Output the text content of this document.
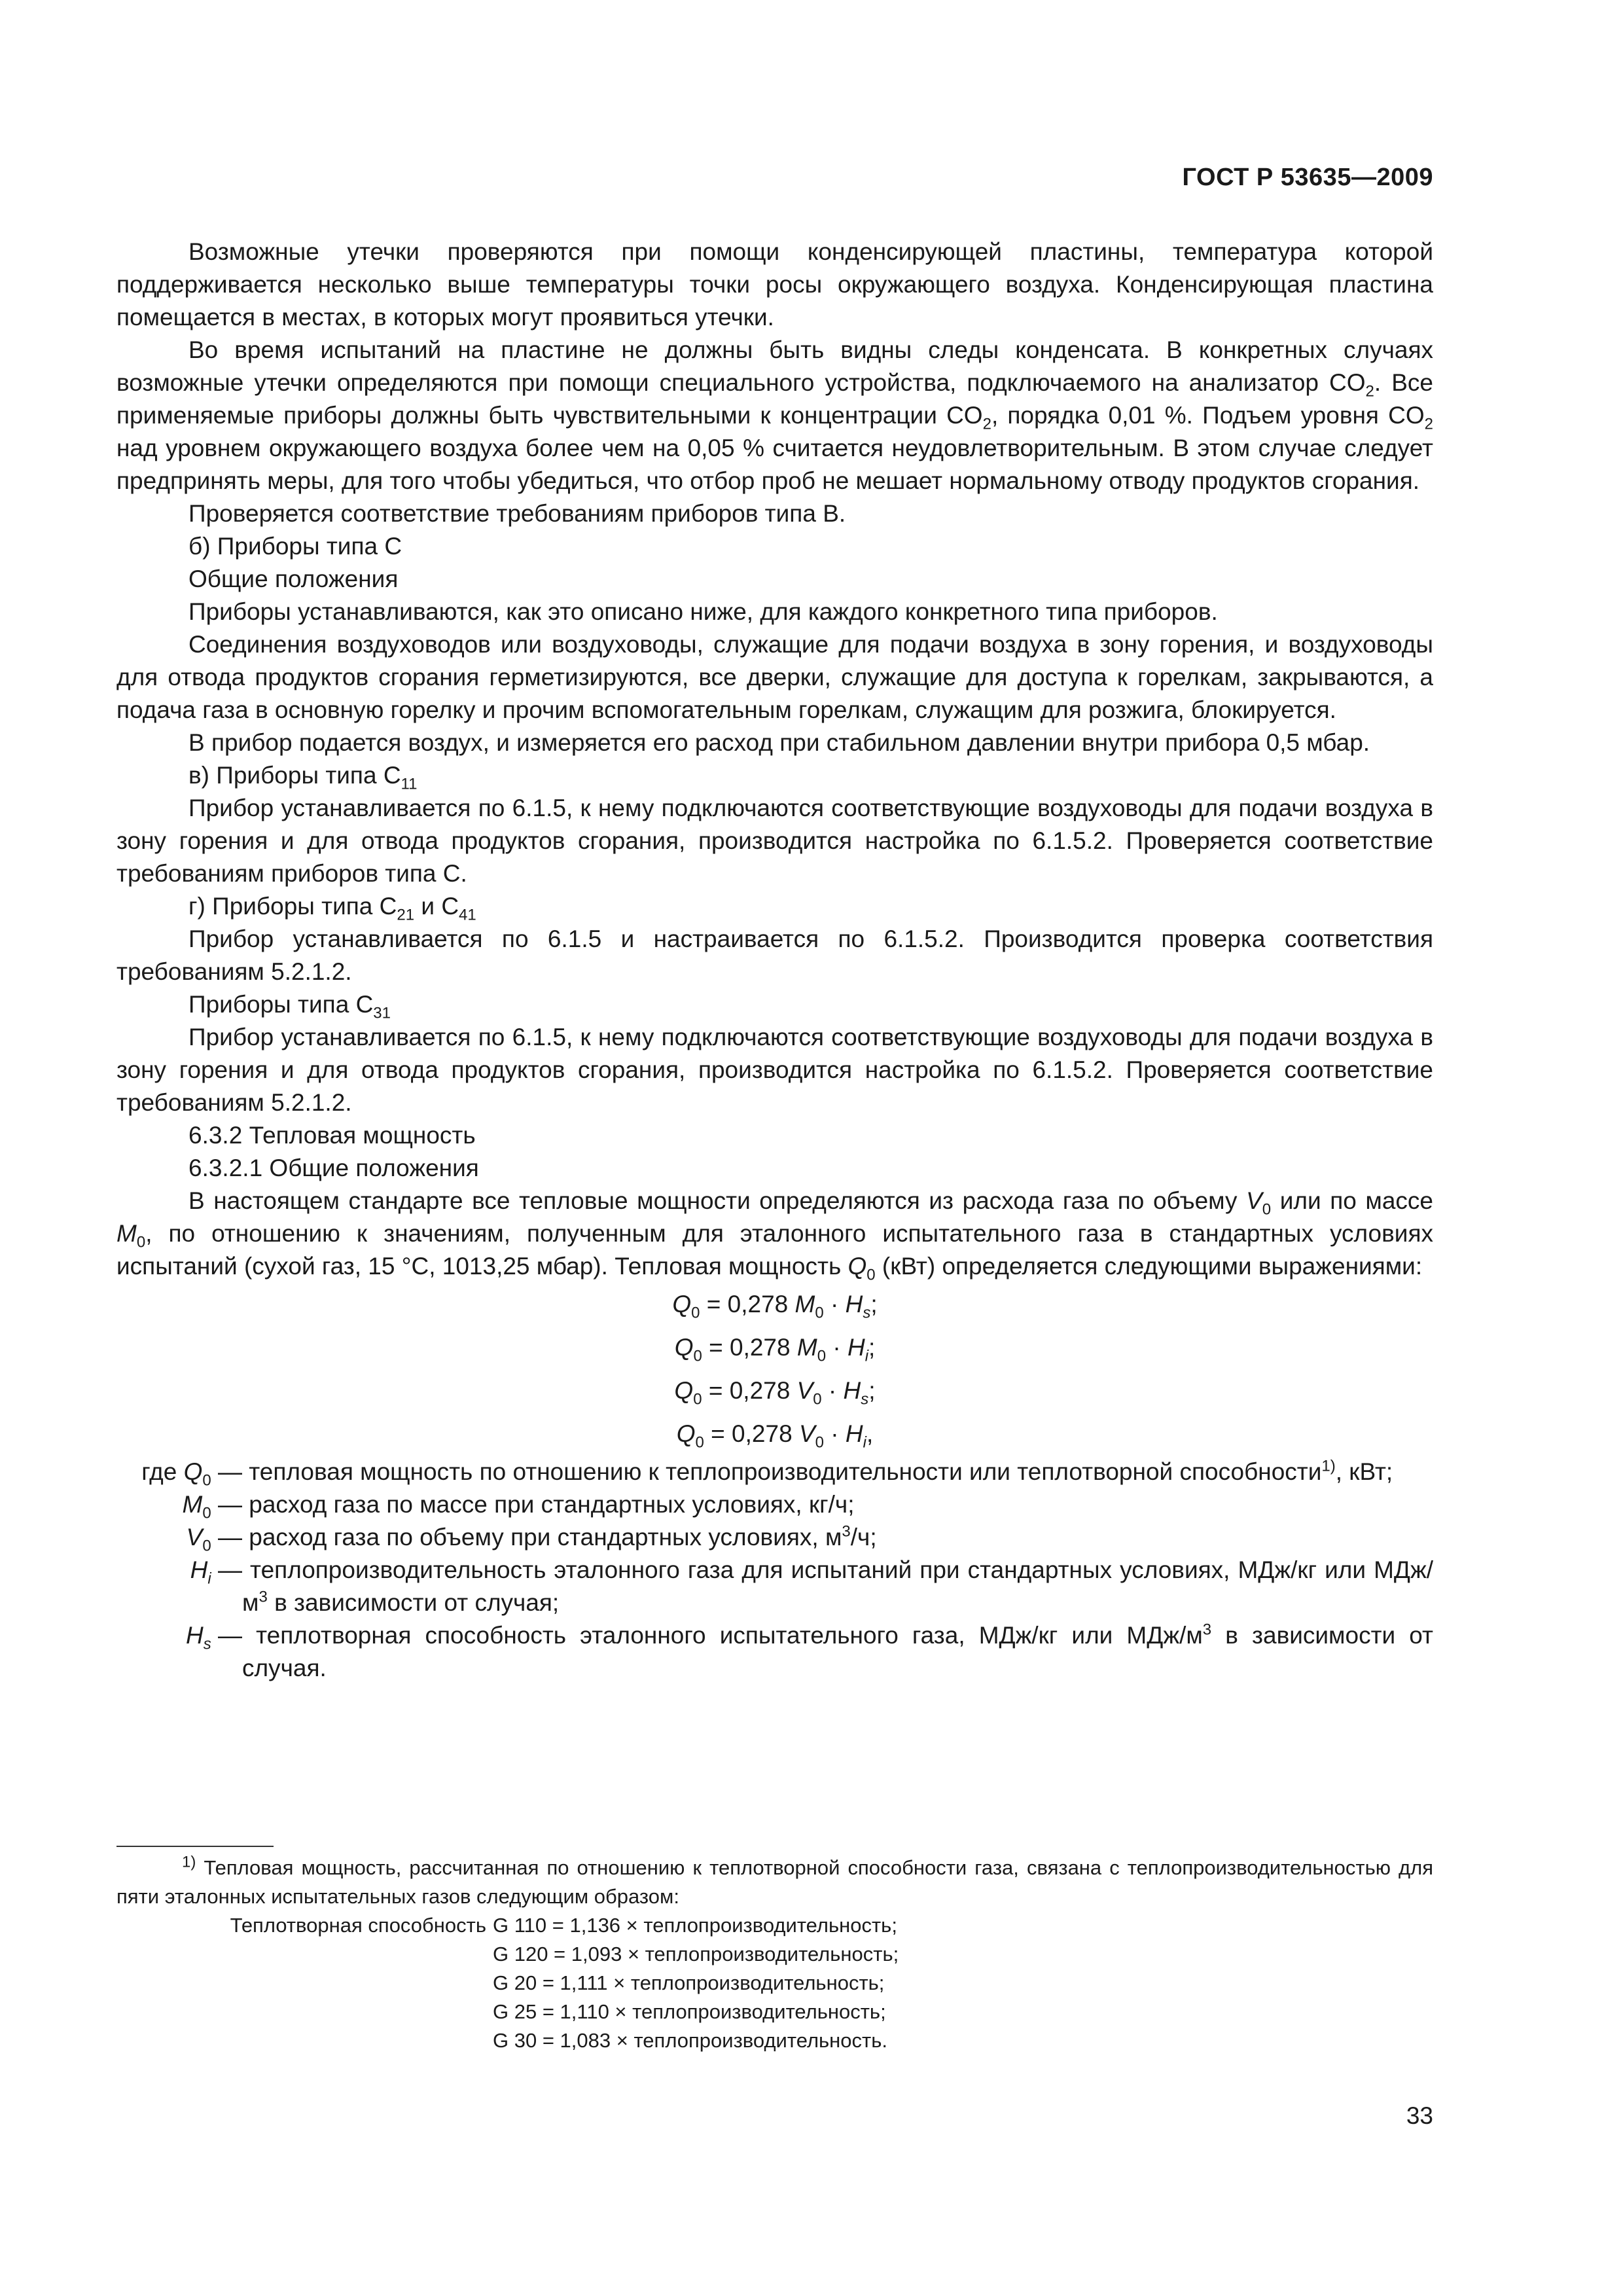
ГОСТ Р 53635—2009

Возможные утечки проверяются при помощи конденсирующей пластины, температура которой поддерживается несколько выше температуры точки росы окружающего воздуха. Конденсирующая пластина помещается в местах, в которых могут проявиться утечки.

Во время испытаний на пластине не должны быть видны следы конденсата. В конкретных случаях возможные утечки определяются при помощи специального устройства, подключаемого на анализатор $CO_2$. Все применяемые приборы должны быть чувствительными к концентрации $CO_2$, порядка 0,01 %. Подъем уровня $CO_2$ над уровнем окружающего воздуха более чем на 0,05 % считается неудовлетворительным. В этом случае следует предпринять меры, для того чтобы убедиться, что отбор проб не мешает нормальному отводу продуктов сгорания.

Проверяется соответствие требованиям приборов типа В.

б) Приборы типа С

Общие положения

Приборы устанавливаются, как это описано ниже, для каждого конкретного типа приборов.

Соединения воздуховодов или воздуховоды, служащие для подачи воздуха в зону горения, и воздуховоды для отвода продуктов сгорания герметизируются, все дверки, служащие для доступа к горелкам, закрываются, а подача газа в основную горелку и прочим вспомогательным горелкам, служащим для розжига, блокируется.

В прибор подается воздух, и измеряется его расход при стабильном давлении внутри прибора 0,5 мбар.

в) Приборы типа $С_{11}$

Прибор устанавливается по 6.1.5, к нему подключаются соответствующие воздуховоды для подачи воздуха в зону горения и для отвода продуктов сгорания, производится настройка по 6.1.5.2. Проверяется соответствие требованиям приборов типа С.

г) Приборы типа $С_{21}$ и $С_{41}$

Прибор устанавливается по 6.1.5 и настраивается по 6.1.5.2. Производится проверка соответствия требованиям 5.2.1.2.

Приборы типа $С_{31}$

Прибор устанавливается по 6.1.5, к нему подключаются соответствующие воздуховоды для подачи воздуха в зону горения и для отвода продуктов сгорания, производится настройка по 6.1.5.2. Проверяется соответствие требованиям 5.2.1.2.

6.3.2 Тепловая мощность

6.3.2.1 Общие положения

В настоящем стандарте все тепловые мощности определяются из расхода газа по объему $V_0$ или по массе $M_0$, по отношению к значениям, полученным для эталонного испытательного газа в стандартных условиях испытаний (сухой газ, 15 °С, 1013,25 мбар). Тепловая мощность $Q_0$ (кВт) определяется следующими выражениями:

$Q_0 = 0,278$ $M_0 \cdot H_s$;
$Q_0 = 0,278$ $M_0 \cdot H_i$;
$Q_0 = 0,278$ $V_0 \cdot H_s$;
$Q_0 = 0,278$ $V_0 \cdot H_i$,
где $Q_0$ —	тепловая мощность по отношению к теплопроизводительности или теплотворной способности$^{1)}$, кВт;
$M_0$ —	расход газа по массе при стандартных условиях, кг/ч;
$V_0$ —	расход газа по объему при стандартных условиях, $м^3/ч$;
$H_i$ —	теплопроизводительность эталонного газа для испытаний при стандартных условиях, МДж/кг или МДж/ $м^3$ в зависимости от случая;
$H_s$ —	теплотворная способность эталонного испытательного газа, МДж/кг или МДж/$м^3$ в зависимости от случая.

$^{1)}$ Тепловая мощность, рассчитанная по отношению к теплотворной способности газа, связана с теплопроизводительностью для пяти эталонных испытательных газов следующим образом:

Теплотворная способность G 110 = 1,136 × теплопроизводительность;
G 120 = 1,093 × теплопроизводительность;
G 20 = 1,111 × теплопроизводительность;
G 25 = 1,110 × теплопроизводительность;
G 30 = 1,083 × теплопроизводительность.
33
